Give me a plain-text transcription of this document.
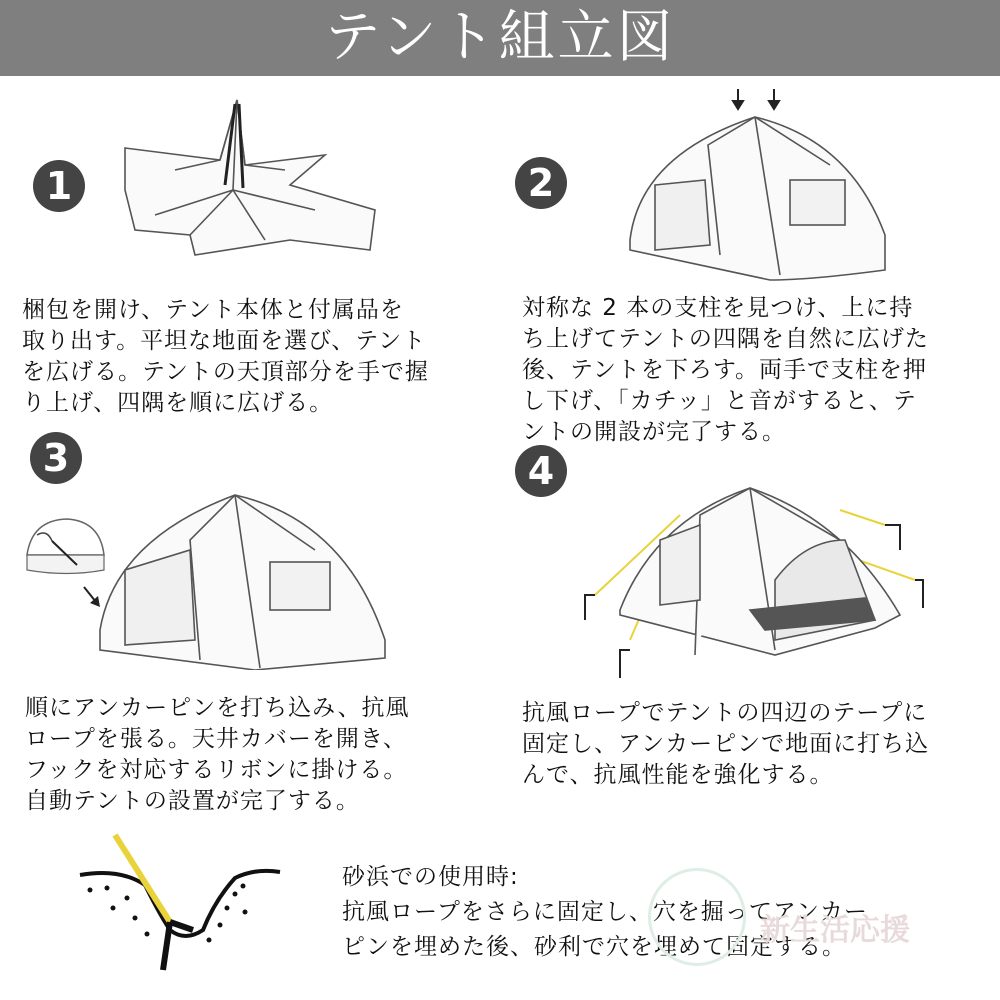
テント組立図
1
梱包を開け、テント本体と付属品を
取り出す。平坦な地面を選び、テント
を広げる。テントの天頂部分を手で握
り上げ、四隅を順に広げる。
2
対称な 2 本の支柱を見つけ、上に持
ち上げてテントの四隅を自然に広げた
後、テントを下ろす。両手で支柱を押
し下げ、「カチッ」と音がすると、テ
ントの開設が完了する。
3
順にアンカーピンを打ち込み、抗風
ロープを張る。天井カバーを開き、
フックを対応するリボンに掛ける。
自動テントの設置が完了する。
4
抗風ロープでテントの四辺のテープに
固定し、アンカーピンで地面に打ち込
んで、抗風性能を強化する。
砂浜での使用時:
抗風ロープをさらに固定し、穴を掘ってアンカー
ピンを埋めた後、砂利で穴を埋めて固定する。
新生活応援
